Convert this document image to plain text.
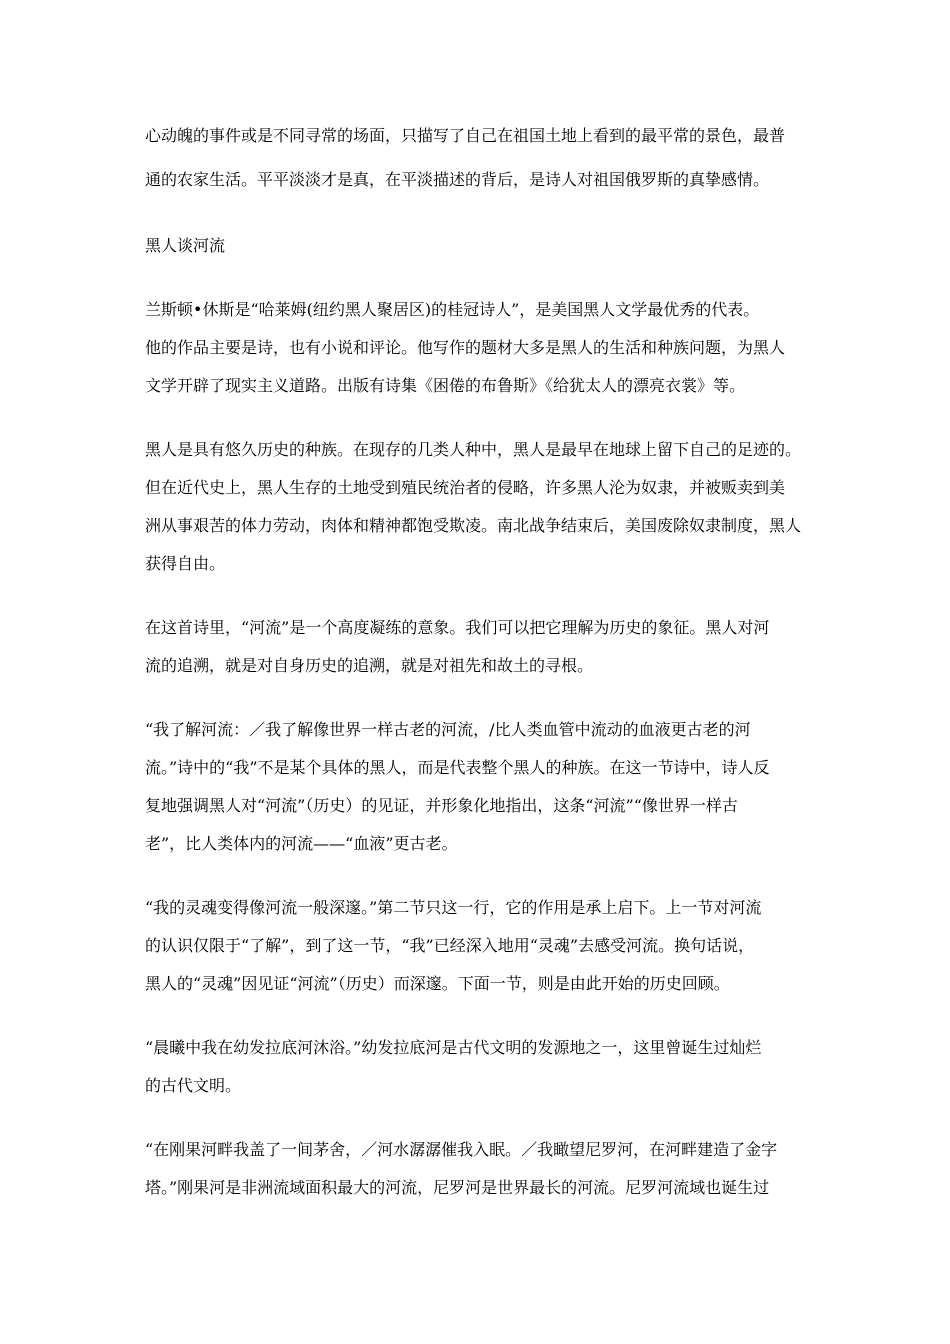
心动魄的事件或是不同寻常的场面，只描写了自己在祖国土地上看到的最平常的景色，最普
通的农家生活。平平淡淡才是真，在平淡描述的背后，是诗人对祖国俄罗斯的真挚感情。
黑人谈河流
兰斯顿•休斯是“哈莱姆(纽约黑人聚居区)的桂冠诗人”，是美国黑人文学最优秀的代表。
他的作品主要是诗，也有小说和评论。他写作的题材大多是黑人的生活和种族问题，为黑人
文学开辟了现实主义道路。出版有诗集《困倦的布鲁斯》《给犹太人的漂亮衣裳》等。
黑人是具有悠久历史的种族。在现存的几类人种中，黑人是最早在地球上留下自己的足迹的。
但在近代史上，黑人生存的土地受到殖民统治者的侵略，许多黑人沦为奴隶，并被贩卖到美
洲从事艰苦的体力劳动，肉体和精神都饱受欺凌。南北战争结束后，美国废除奴隶制度，黑人
获得自由。
在这首诗里，“河流”是一个高度凝练的意象。我们可以把它理解为历史的象征。黑人对河
流的追溯，就是对自身历史的追溯，就是对祖先和故土的寻根。
“我了解河流：／我了解像世界一样古老的河流，/比人类血管中流动的血液更古老的河
流。”诗中的“我”不是某个具体的黑人，而是代表整个黑人的种族。在这一节诗中，诗人反
复地强调黑人对“河流”（历史）的见证，并形象化地指出，这条“河流”“像世界一样古
老”，比人类体内的河流——“血液”更古老。
“我的灵魂变得像河流一般深邃。”第二节只这一行，它的作用是承上启下。上一节对河流
的认识仅限于“了解”，到了这一节，“我”已经深入地用“灵魂”去感受河流。换句话说，
黑人的“灵魂”因见证“河流”（历史）而深邃。下面一节，则是由此开始的历史回顾。
“晨曦中我在幼发拉底河沐浴。”幼发拉底河是古代文明的发源地之一，这里曾诞生过灿烂
的古代文明。
“在刚果河畔我盖了一间茅舍，／河水潺潺催我入眠。／我瞰望尼罗河，在河畔建造了金字
塔。”刚果河是非洲流域面积最大的河流，尼罗河是世界最长的河流。尼罗河流域也诞生过
